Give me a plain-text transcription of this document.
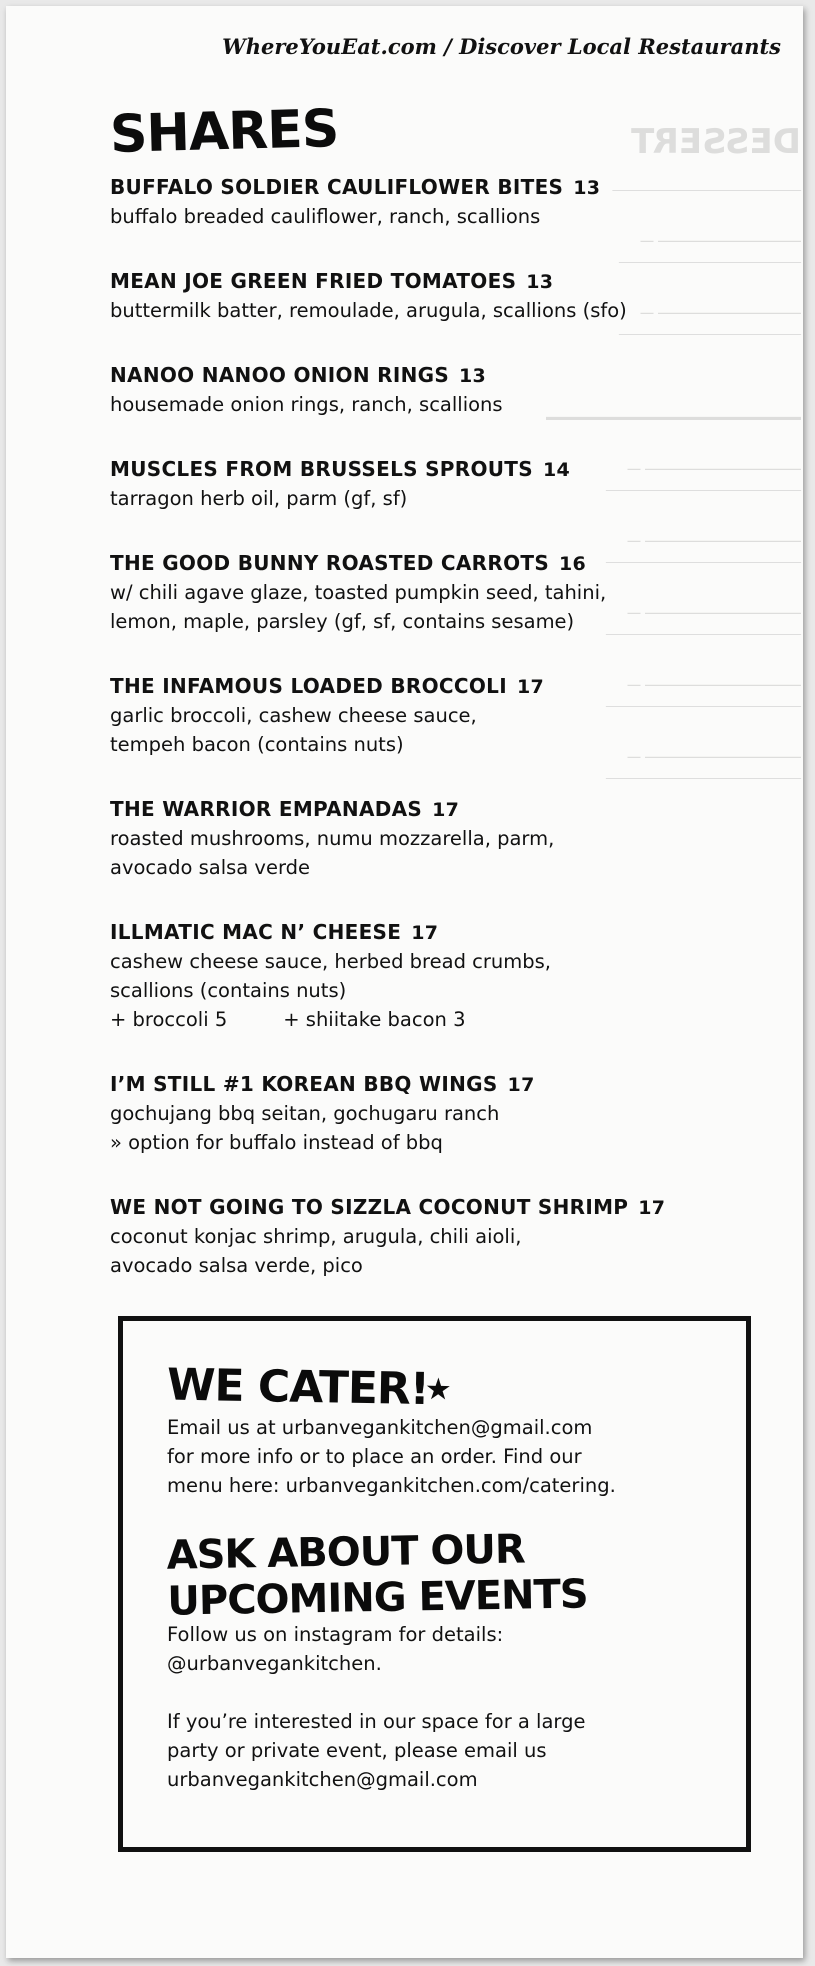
DESSERT
_____________________________
______________________ __
____________________________
______________________ __
____________________________
_______________
________________________ __
______________________________
________________________ __
______________________________
________________________ __
______________________________
________________________ __
______________________________
________________________ __
______________________________
WhereYouEat.com / Discover Local Restaurants
SHARES
BUFFALO SOLDIER CAULIFLOWER BITES 13
buffalo breaded cauliflower, ranch, scallions
MEAN JOE GREEN FRIED TOMATOES 13
buttermilk batter, remoulade, arugula, scallions (sfo)
NANOO NANOO ONION RINGS 13
housemade onion rings, ranch, scallions
MUSCLES FROM BRUSSELS SPROUTS 14
tarragon herb oil, parm (gf, sf)
THE GOOD BUNNY ROASTED CARROTS 16
w/ chili agave glaze, toasted pumpkin seed, tahini,
lemon, maple, parsley (gf, sf, contains sesame)
THE INFAMOUS LOADED BROCCOLI 17
garlic broccoli, cashew cheese sauce,
tempeh bacon (contains nuts)
THE WARRIOR EMPANADAS 17
roasted mushrooms, numu mozzarella, parm,
avocado salsa verde
ILLMATIC MAC N’ CHEESE 17
cashew cheese sauce, herbed bread crumbs,
scallions (contains nuts)
+ broccoli 5	+ shiitake bacon 3
I’M STILL #1 KOREAN BBQ WINGS 17
gochujang bbq seitan, gochugaru ranch
» option for buffalo instead of bbq
WE NOT GOING TO SIZZLA COCONUT SHRIMP 17
coconut konjac shrimp, arugula, chili aioli,
avocado salsa verde, pico
WE CATER!★
Email us at urbanvegankitchen@gmail.com
for more info or to place an order. Find our
menu here: urbanvegankitchen.com/catering.
ASK ABOUT OUR
UPCOMING EVENTS
Follow us on instagram for details:
@urbanvegankitchen.
If you’re interested in our space for a large
party or private event, please email us
urbanvegankitchen@gmail.com
